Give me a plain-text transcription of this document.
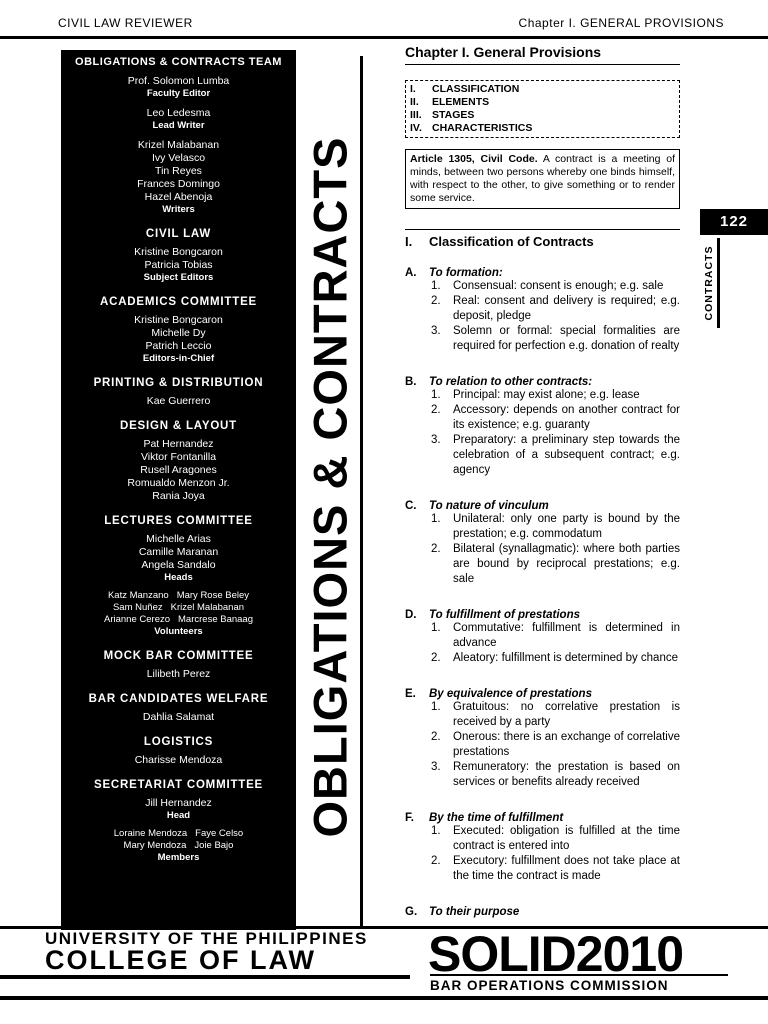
CIVIL LAW REVIEWER	Chapter I. GENERAL PROVISIONS
OBLIGATIONS & CONTRACTS TEAM
Prof. Solomon Lumba
Faculty Editor
Leo Ledesma
Lead Writer
Krizel Malabanan
Ivy Velasco
Tin Reyes
Frances Domingo
Hazel Abenoja
Writers
CIVIL LAW
Kristine Bongcaron
Patricia Tobias
Subject Editors
ACADEMICS COMMITTEE
Kristine Bongcaron
Michelle Dy
Patrich Leccio
Editors-in-Chief
PRINTING & DISTRIBUTION
Kae Guerrero
DESIGN & LAYOUT
Pat Hernandez
Viktor Fontanilla
Rusell Aragones
Romualdo Menzon Jr.
Rania Joya
LECTURES COMMITTEE
Michelle Arias
Camille Maranan
Angela Sandalo
Heads
Katz Manzano Mary Rose Beley
Sam Nuñez Krizel Malabanan
Arianne Cerezo Marcrese Banaag
Volunteers
MOCK BAR COMMITTEE
Lilibeth Perez
BAR CANDIDATES WELFARE
Dahlia Salamat
LOGISTICS
Charisse Mendoza
SECRETARIAT COMMITTEE
Jill Hernandez
Head
Loraine Mendoza Faye Celso
Mary Mendoza Joie Bajo
Members
OBLIGATIONS & CONTRACTS
Chapter I. General Provisions
I.	CLASSIFICATION
II.	ELEMENTS
III. STAGES
IV. CHARACTERISTICS
Article 1305, Civil Code. A contract is a meeting of minds, between two persons whereby one binds himself, with respect to the other, to give something or to render some service.
I.	Classification of Contracts
A.	To formation:
1.	Consensual: consent is enough; e.g. sale
2.	Real: consent and delivery is required; e.g. deposit, pledge
3.	Solemn or formal: special formalities are required for perfection e.g. donation of realty
B.	To relation to other contracts:
1.	Principal: may exist alone; e.g. lease
2.	Accessory: depends on another contract for its existence; e.g. guaranty
3.	Preparatory: a preliminary step towards the celebration of a subsequent contract; e.g. agency
C.	To nature of vinculum
1.	Unilateral: only one party is bound by the prestation; e.g. commodatum
2.	Bilateral (synallagmatic): where both parties are bound by reciprocal prestations; e.g. sale
D.	To fulfillment of prestations
1.	Commutative: fulfillment is determined in advance
2.	Aleatory: fulfillment is determined by chance
E.	By equivalence of prestations
1.	Gratuitous: no correlative prestation is received by a party
2.	Onerous: there is an exchange of correlative prestations
3.	Remuneratory: the prestation is based on services or benefits already received
F.	By the time of fulfillment
1.	Executed: obligation is fulfilled at the time contract is entered into
2.	Executory: fulfillment does not take place at the time the contract is made
G.	To their purpose
122
CONTRACTS
UNIVERSITY OF THE PHILIPPINES
COLLEGE OF LAW SOLID2010
BAR OPERATIONS COMMISSION
